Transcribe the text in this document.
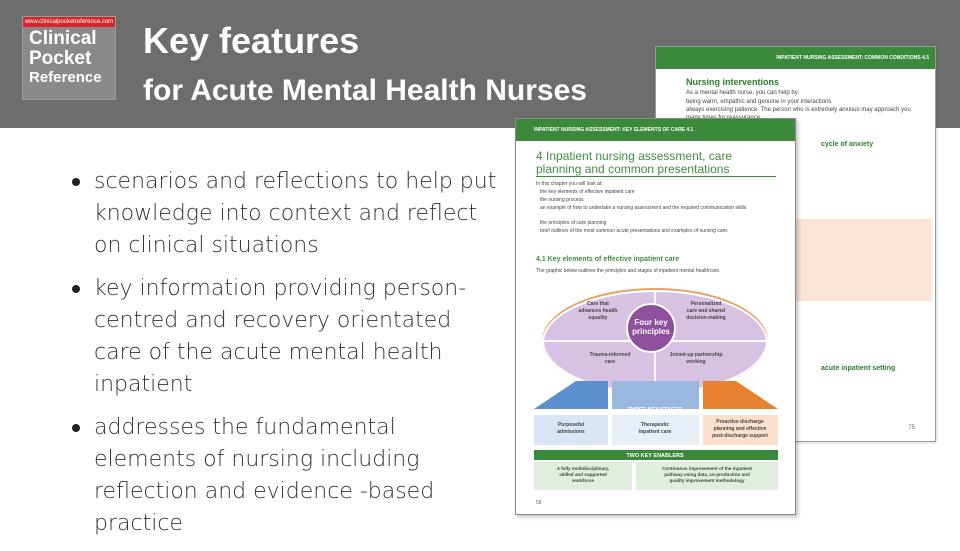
www.clinicalpocketreference.com
Clinical
Pocket
Reference
Key features
for Acute Mental Health Nurses
scenarios and reflections to help put knowledge into context and reflect on clinical situations
key information providing person-centred and recovery orientated care of the acute mental health inpatient
addresses the fundamental elements of nursing including reflection and evidence -based practice
INPATIENT NURSING ASSESSMENT: COMMON CONDITIONS 4.5
Nursing interventions
As a mental health nurse, you can help by:
being warm, empathic and genuine in your interactions
always exercising patience. The person who is extremely anxious may approach you
cycle of anxiety
acute inpatient setting
75
INPATIENT NURSING ASSESSMENT: KEY ELEMENTS OF CARE 4.1
4 Inpatient nursing assessment, care planning and common presentations
In this chapter you will look at:
the key elements of effective inpatient care
the nursing process
an example of how to undertake a nursing assessment and the required communication skills
the principles of care planning
brief outlines of the most common acute presentations and examples of nursing care.
4.1 Key elements of effective inpatient care
The graphic below outlines the principles and stages of inpatient mental healthcare.
Four key principles
Care that advances health equality
Personalized care and shared decision-making
Trauma-informed care
Joined-up partnership working
THREE KEY STAGES
Purposeful admissions
Therapeutic inpatient care
Proactive discharge planning and effective post-discharge support
TWO KEY ENABLERS
A fully multidisciplinary, skilled and supported workforce
Continuous improvement of the inpatient pathway using data, co-production and quality improvement methodology
58
